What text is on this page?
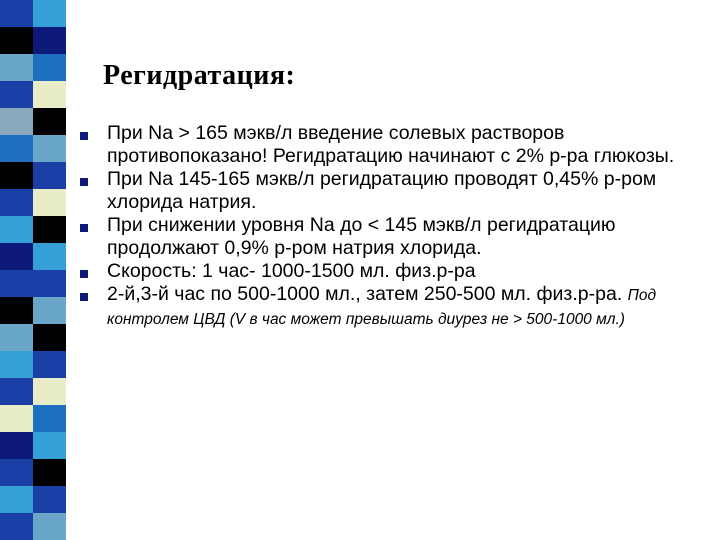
Регидратация:
При Na > 165 мэкв/л введение солевых растворов противопоказано! Регидратацию начинают с 2% р-ра глюкозы.
При Na 145-165 мэкв/л регидратацию проводят 0,45% р-ром хлорида натрия.
При снижении уровня Na до < 145 мэкв/л регидратацию продолжают 0,9% р-ром натрия хлорида.
Скорость: 1 час- 1000-1500 мл. физ.р-ра
2-й,3-й час по 500-1000 мл., затем 250-500 мл. физ.р-ра. Под контролем ЦВД (V в час может превышать диурез не > 500-1000 мл.)
